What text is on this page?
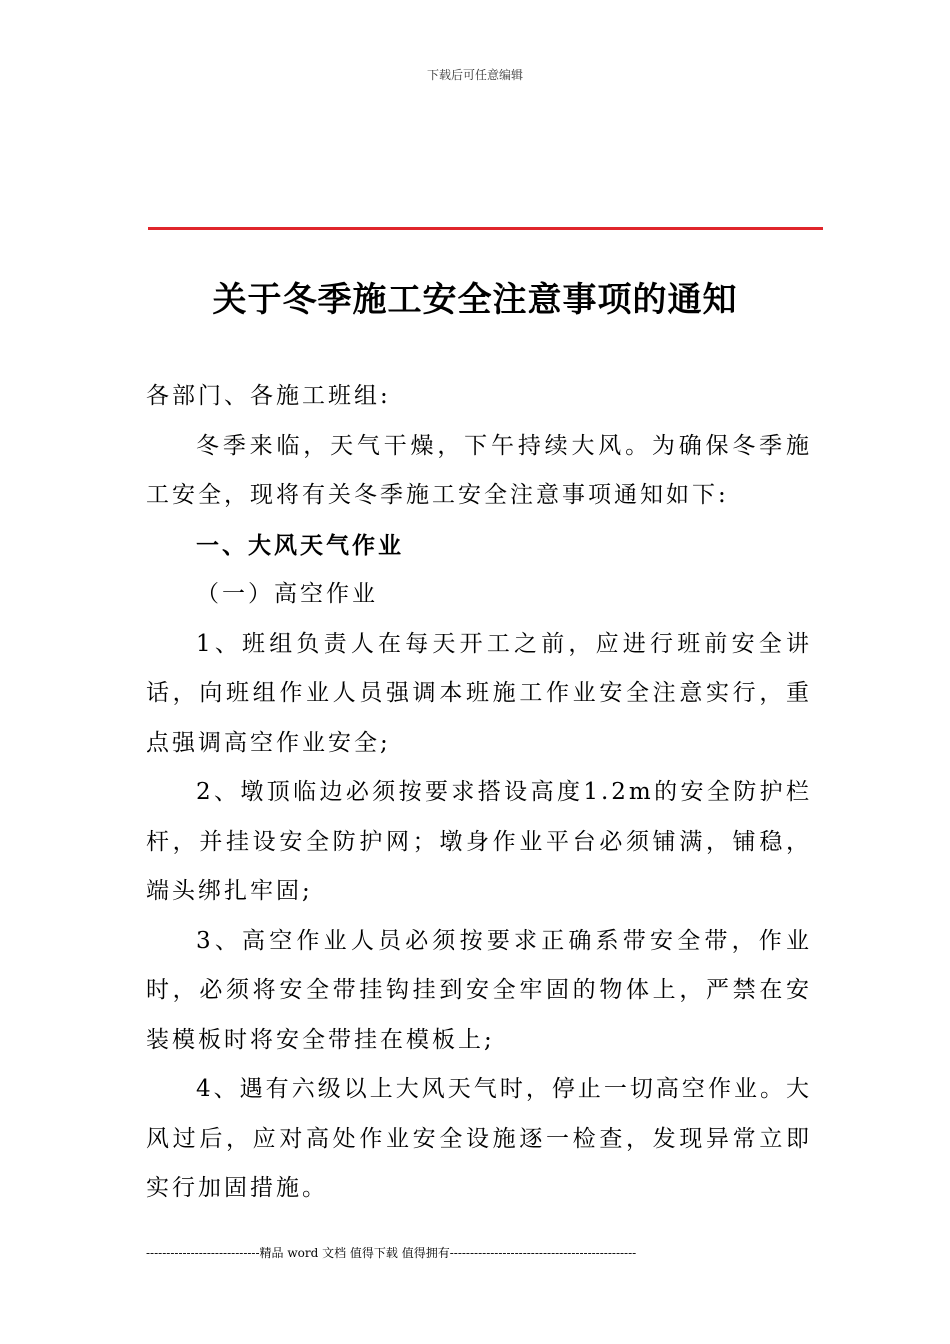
下载后可任意编辑
关于冬季施工安全注意事项的通知

各部门、各施工班组:

冬季来临，天气干燥，下午持续大风。为确保冬季施工安全，现将有关冬季施工安全注意事项通知如下:

一、大风天气作业

（一）高空作业

1、班组负责人在每天开工之前，应进行班前安全讲话，向班组作业人员强调本班施工作业安全注意实行，重点强调高空作业安全;

2、墩顶临边必须按要求搭设高度1.2m的安全防护栏杆，并挂设安全防护网；墩身作业平台必须铺满，铺稳，端头绑扎牢固;

3、高空作业人员必须按要求正确系带安全带，作业时，必须将安全带挂钩挂到安全牢固的物体上，严禁在安装模板时将安全带挂在模板上;

4、遇有六级以上大风天气时，停止一切高空作业。大风过后，应对高处作业安全设施逐一检查，发现异常立即实行加固措施。

----------------------------精品 word 文档 值得下载 值得拥有----------------------------------------------
